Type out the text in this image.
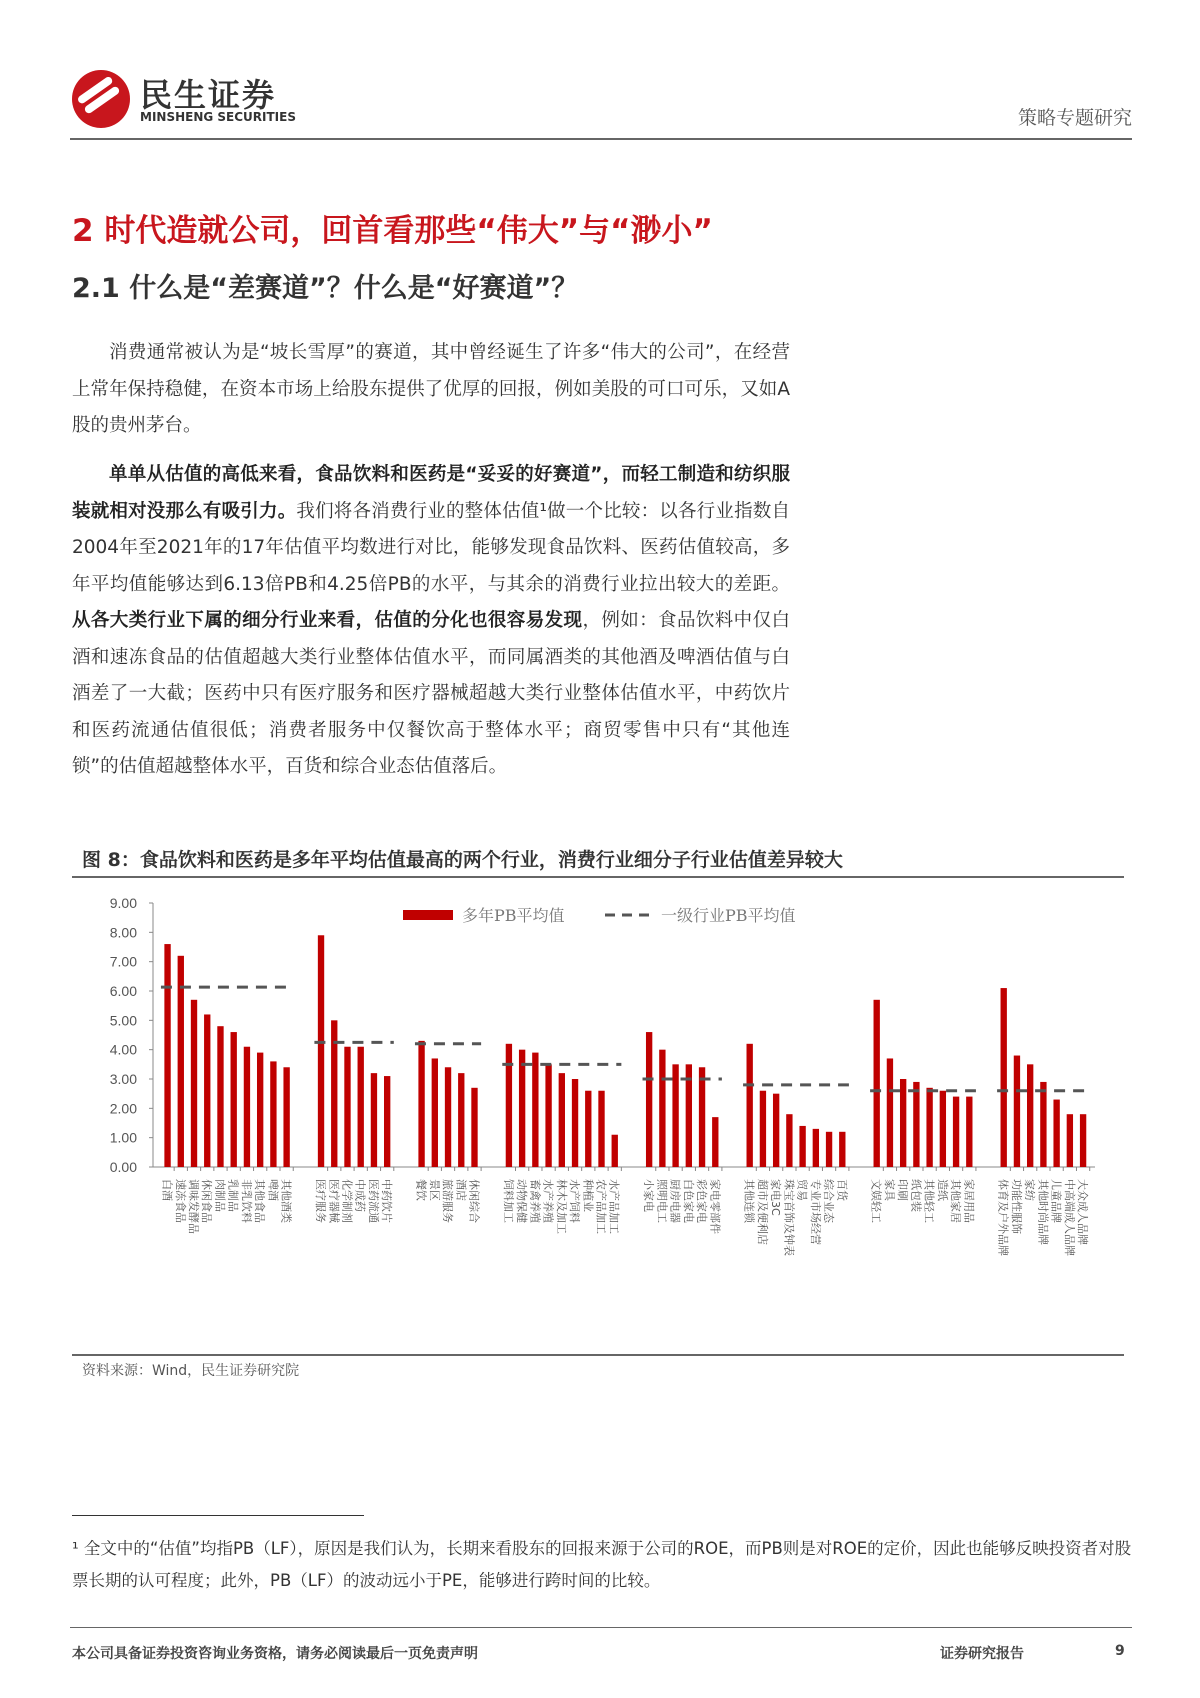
民生证券
MINSHENG SECURITIES	策略专题研究
2 时代造就公司，回首看那些“伟大”与“渺小”
2.1 什么是“差赛道”？什么是“好赛道”？
消费通常被认为是“坡长雪厚”的赛道，其中曾经诞生了许多“伟大的公司”，在经营上常年保持稳健，在资本市场上给股东提供了优厚的回报，例如美股的可口可乐，又如A股的贵州茅台。
单单从估值的高低来看，食品饮料和医药是“妥妥的好赛道”，而轻工制造和纺织服装就相对没那么有吸引力。我们将各消费行业的整体估值¹做一个比较：以各行业指数自2004年至2021年的17年估值平均数进行对比，能够发现食品饮料、医药估值较高，多年平均值能够达到6.13倍PB和4.25倍PB的水平，与其余的消费行业拉出较大的差距。从各大类行业下属的细分行业来看，估值的分化也很容易发现，例如：食品饮料中仅白酒和速冻食品的估值超越大类行业整体估值水平，而同属酒类的其他酒及啤酒估值与白酒差了一大截；医药中只有医疗服务和医疗器械超越大类行业整体估值水平，中药饮片和医药流通估值很低；消费者服务中仅餐饮高于整体水平；商贸零售中只有“其他连锁”的估值超越整体水平，百货和综合业态估值落后。
图 8：食品饮料和医药是多年平均估值最高的两个行业，消费行业细分子行业估值差异较大
0.00
1.00
2.00
3.00
4.00
5.00
6.00
7.00
8.00
9.00
多年PB平均值	一级行业PB平均值
白酒 速冻食品 调味发酵品 休闲食品 肉制品 乳制品 非乳饮料 其他食品 啤酒 其他酒类 医疗服务 医疗器械 化学制剂 中成药 医药流通 中药饮片 餐饮 景区 旅游服务 酒店 休闲综合 饲料加工 动物保健 畜禽养殖 水产养殖 林木及加工 水产饲料 种植业 农产品加工 水产品加工 小家电 照明电工 厨房电器 白色家电 彩色家电 家电零部件 其他连锁 超市及便利店 家电3C 珠宝首饰及钟表 贸易 专业市场经营 综合业态 百货 文娱轻工 家具 印刷 纸包装 其他轻工 造纸 其他家居 家居用品 体育及户外品牌 功能性服饰 家纺 其他时尚品牌 儿童品牌 中高端成人品牌 大众成人品牌
资料来源：Wind，民生证券研究院
¹ 全文中的“估值”均指PB（LF），原因是我们认为，长期来看股东的回报来源于公司的ROE，而PB则是对ROE的定价，因此也能够反映投资者对股票长期的认可程度；此外，PB（LF）的波动远小于PE，能够进行跨时间的比较。
本公司具备证券投资咨询业务资格，请务必阅读最后一页免责声明	证券研究报告	9
